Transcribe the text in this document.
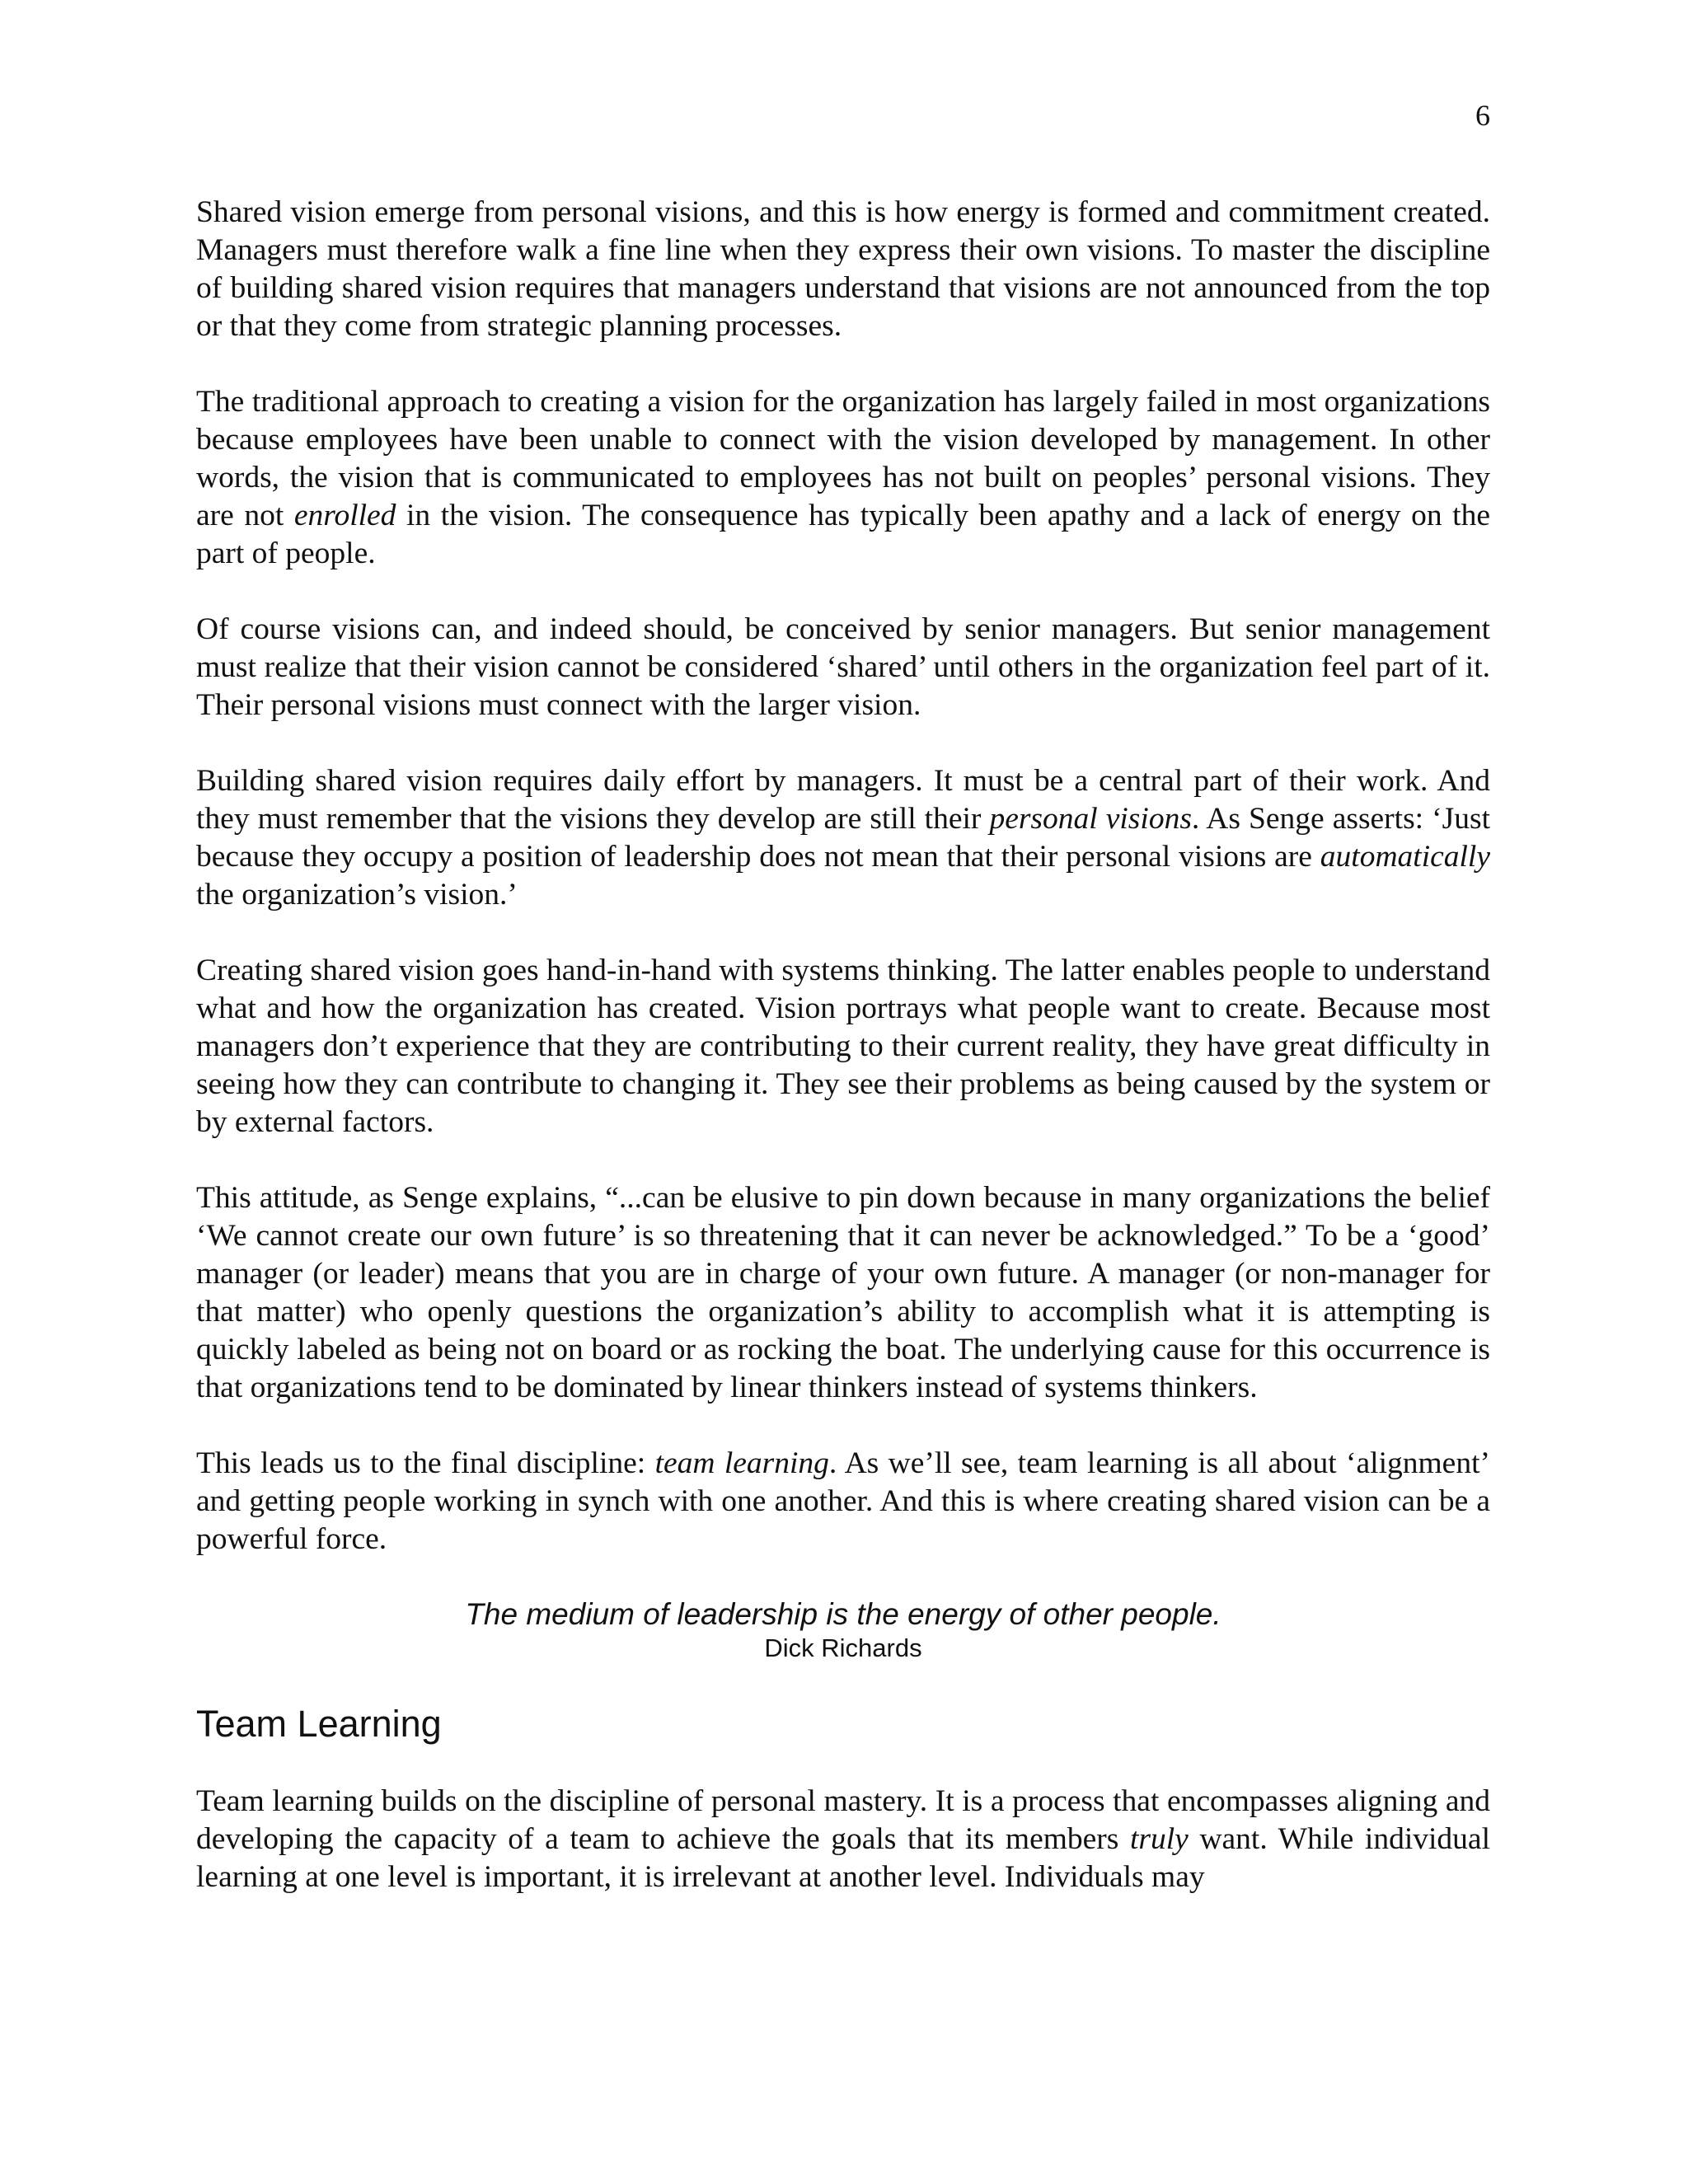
6

Shared vision emerge from personal visions, and this is how energy is formed and commitment created. Managers must therefore walk a fine line when they express their own visions. To master the discipline of building shared vision requires that managers understand that visions are not announced from the top or that they come from strategic planning processes.

The traditional approach to creating a vision for the organization has largely failed in most organizations because employees have been unable to connect with the vision developed by management. In other words, the vision that is communicated to employees has not built on peoples’ personal visions. They are not enrolled in the vision. The consequence has typically been apathy and a lack of energy on the part of people.

Of course visions can, and indeed should, be conceived by senior managers. But senior management must realize that their vision cannot be considered ‘shared’ until others in the organization feel part of it. Their personal visions must connect with the larger vision.

Building shared vision requires daily effort by managers. It must be a central part of their work. And they must remember that the visions they develop are still their personal visions. As Senge asserts: ‘Just because they occupy a position of leadership does not mean that their personal visions are automatically the organization’s vision.’

Creating shared vision goes hand-in-hand with systems thinking. The latter enables people to understand what and how the organization has created. Vision portrays what people want to create. Because most managers don’t experience that they are contributing to their current reality, they have great difficulty in seeing how they can contribute to changing it. They see their problems as being caused by the system or by external factors.

This attitude, as Senge explains, “...can be elusive to pin down because in many organizations the belief ‘We cannot create our own future’ is so threatening that it can never be acknowledged.” To be a ‘good’ manager (or leader) means that you are in charge of your own future. A manager (or non-manager for that matter) who openly questions the organization’s ability to accomplish what it is attempting is quickly labeled as being not on board or as rocking the boat. The underlying cause for this occurrence is that organizations tend to be dominated by linear thinkers instead of systems thinkers.

This leads us to the final discipline: team learning. As we’ll see, team learning is all about ‘alignment’ and getting people working in synch with one another. And this is where creating shared vision can be a powerful force.

The medium of leadership is the energy of other people.
Dick Richards
Team Learning

Team learning builds on the discipline of personal mastery. It is a process that encompasses aligning and developing the capacity of a team to achieve the goals that its members truly want. While individual learning at one level is important, it is irrelevant at another level. Individuals may
